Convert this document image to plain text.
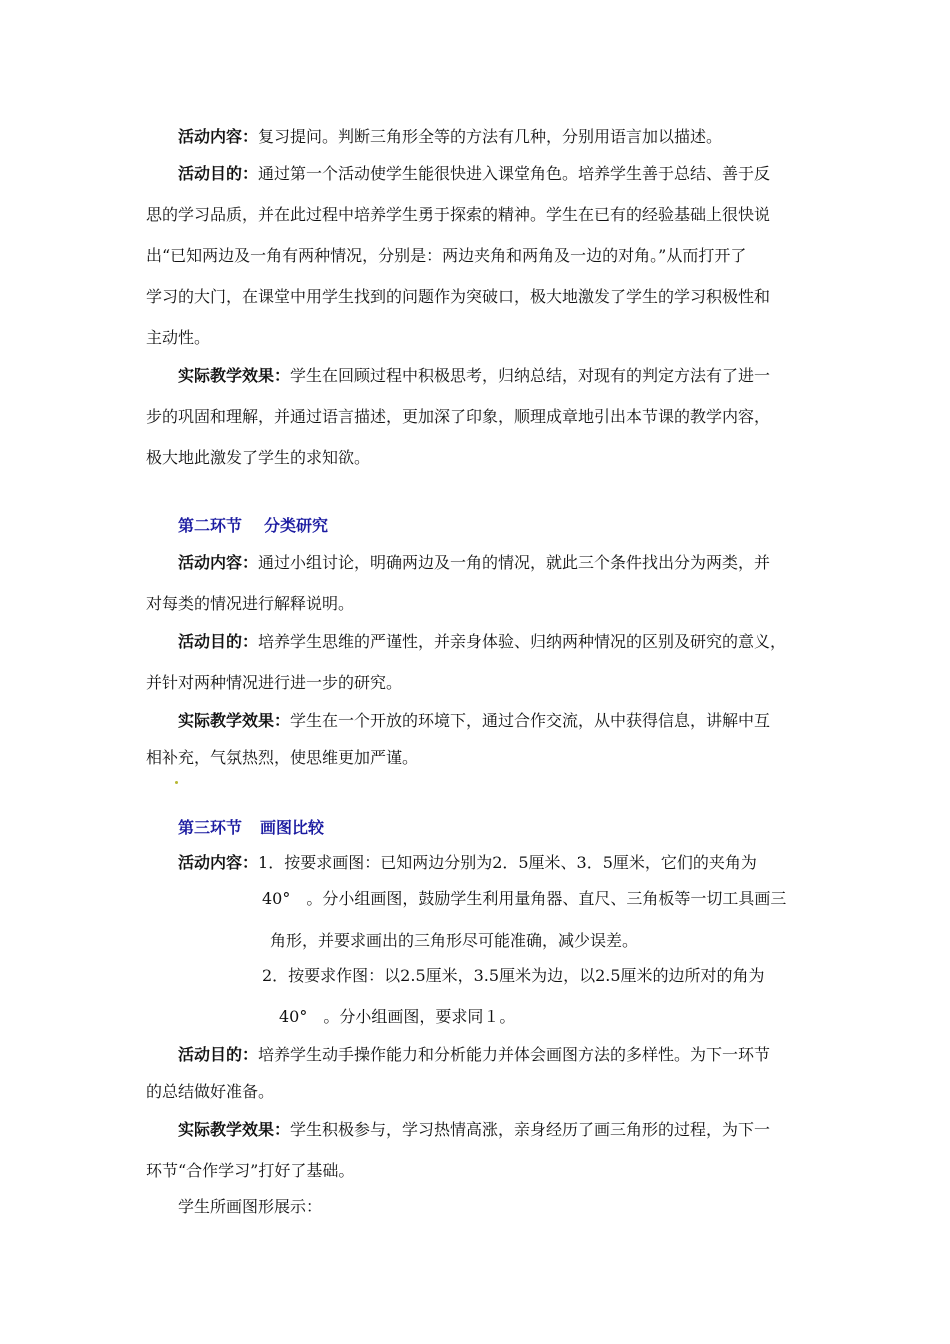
活动内容：复习提问。判断三角形全等的方法有几种，分别用语言加以描述。
活动目的：通过第一个活动使学生能很快进入课堂角色。培养学生善于总结、善于反
思的学习品质，并在此过程中培养学生勇于探索的精神。学生在已有的经验基础上很快说
出“已知两边及一角有两种情况，分别是：两边夹角和两角及一边的对角。”从而打开了
学习的大门，在课堂中用学生找到的问题作为突破口，极大地激发了学生的学习积极性和
主动性。
实际教学效果：学生在回顾过程中积极思考，归纳总结，对现有的判定方法有了进一
步的巩固和理解，并通过语言描述，更加深了印象，顺理成章地引出本节课的教学内容，
极大地此激发了学生的求知欲。
第二环节 分类研究
活动内容：通过小组讨论，明确两边及一角的情况，就此三个条件找出分为两类，并
对每类的情况进行解释说明。
活动目的：培养学生思维的严谨性，并亲身体验、归纳两种情况的区别及研究的意义，
并针对两种情况进行进一步的研究。
实际教学效果：学生在一个开放的环境下，通过合作交流，从中获得信息，讲解中互
相补充，气氛热烈，使思维更加严谨。
第三环节 画图比较
活动内容：1．按要求画图：已知两边分别为2．5厘米、3．5厘米，它们的夹角为
40°　。分小组画图，鼓励学生利用量角器、直尺、三角板等一切工具画三
角形，并要求画出的三角形尽可能准确，减少误差。
2．按要求作图：以2.5厘米，3.5厘米为边，以2.5厘米的边所对的角为
40°　。分小组画图，要求同１。
活动目的：培养学生动手操作能力和分析能力并体会画图方法的多样性。为下一环节
的总结做好准备。
实际教学效果：学生积极参与，学习热情高涨，亲身经历了画三角形的过程，为下一
环节“合作学习”打好了基础。
学生所画图形展示：
